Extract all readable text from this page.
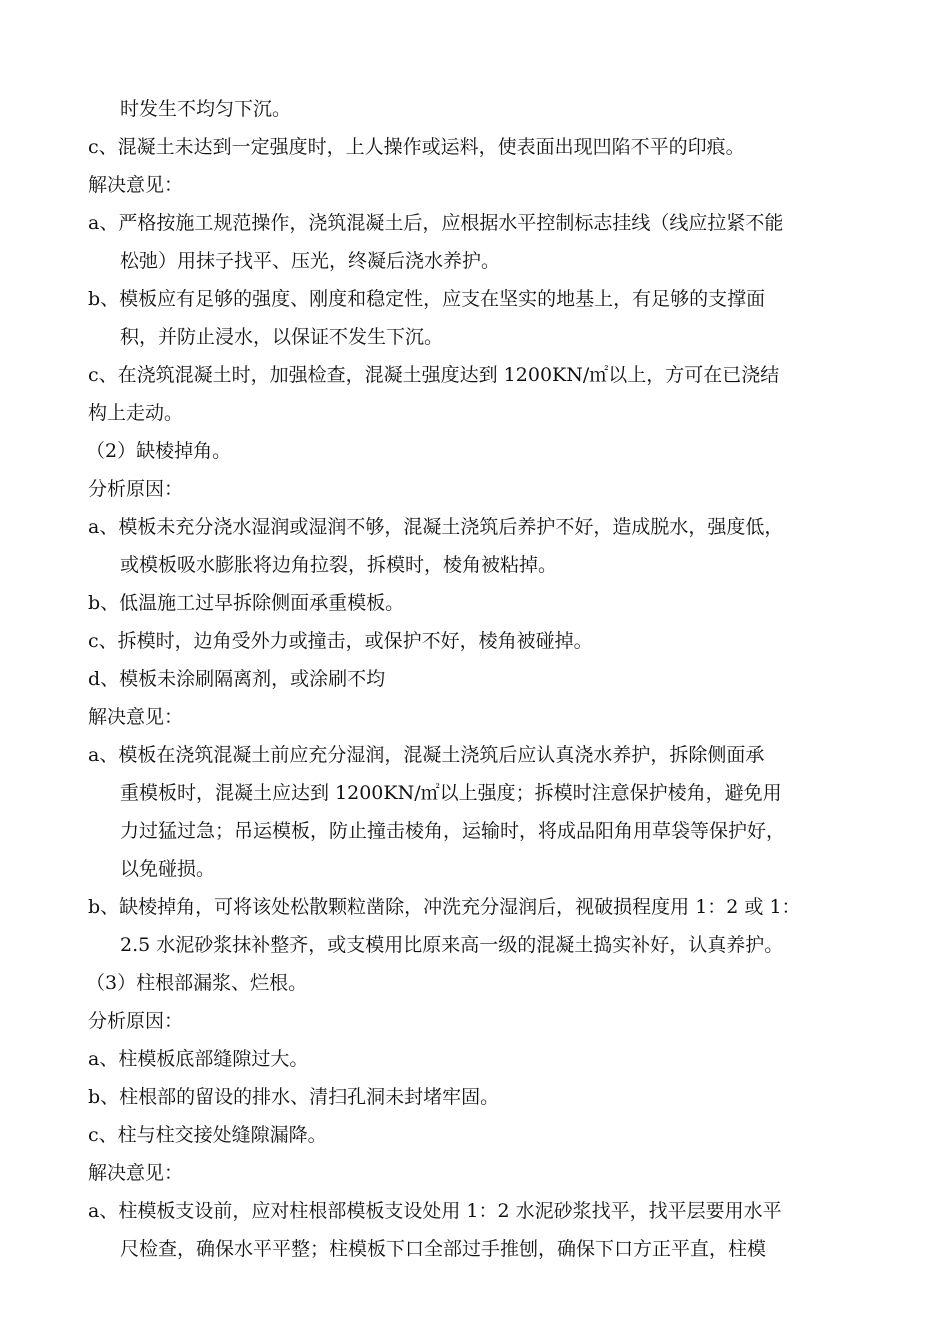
时发生不均匀下沉。
c、混凝土未达到一定强度时，上人操作或运料，使表面出现凹陷不平的印痕。
解决意见：
a、严格按施工规范操作，浇筑混凝土后，应根据水平控制标志挂线（线应拉紧不能
松弛）用抹子找平、压光，终凝后浇水养护。
b、模板应有足够的强度、刚度和稳定性，应支在坚实的地基上，有足够的支撑面
积，并防止浸水，以保证不发生下沉。
c、在浇筑混凝土时，加强检查，混凝土强度达到 1200KN/㎡以上，方可在已浇结
构上走动。
（2）缺棱掉角。
分析原因：
a、模板未充分浇水湿润或湿润不够，混凝土浇筑后养护不好，造成脱水，强度低，
或模板吸水膨胀将边角拉裂，拆模时，棱角被粘掉。
b、低温施工过早拆除侧面承重模板。
c、拆模时，边角受外力或撞击，或保护不好，棱角被碰掉。
d、模板未涂刷隔离剂，或涂刷不均
解决意见：
a、模板在浇筑混凝土前应充分湿润，混凝土浇筑后应认真浇水养护，拆除侧面承
重模板时，混凝土应达到 1200KN/㎡以上强度；拆模时注意保护棱角，避免用
力过猛过急；吊运模板，防止撞击棱角，运输时，将成品阳角用草袋等保护好，
以免碰损。
b、缺棱掉角，可将该处松散颗粒凿除，冲洗充分湿润后，视破损程度用 1：2 或 1：
2.5 水泥砂浆抹补整齐，或支模用比原来高一级的混凝土捣实补好，认真养护。
（3）柱根部漏浆、烂根。
分析原因：
a、柱模板底部缝隙过大。
b、柱根部的留设的排水、清扫孔洞未封堵牢固。
c、柱与柱交接处缝隙漏降。
解决意见：
a、柱模板支设前，应对柱根部模板支设处用 1：2 水泥砂浆找平，找平层要用水平
尺检查，确保水平平整；柱模板下口全部过手推刨，确保下口方正平直，柱模
